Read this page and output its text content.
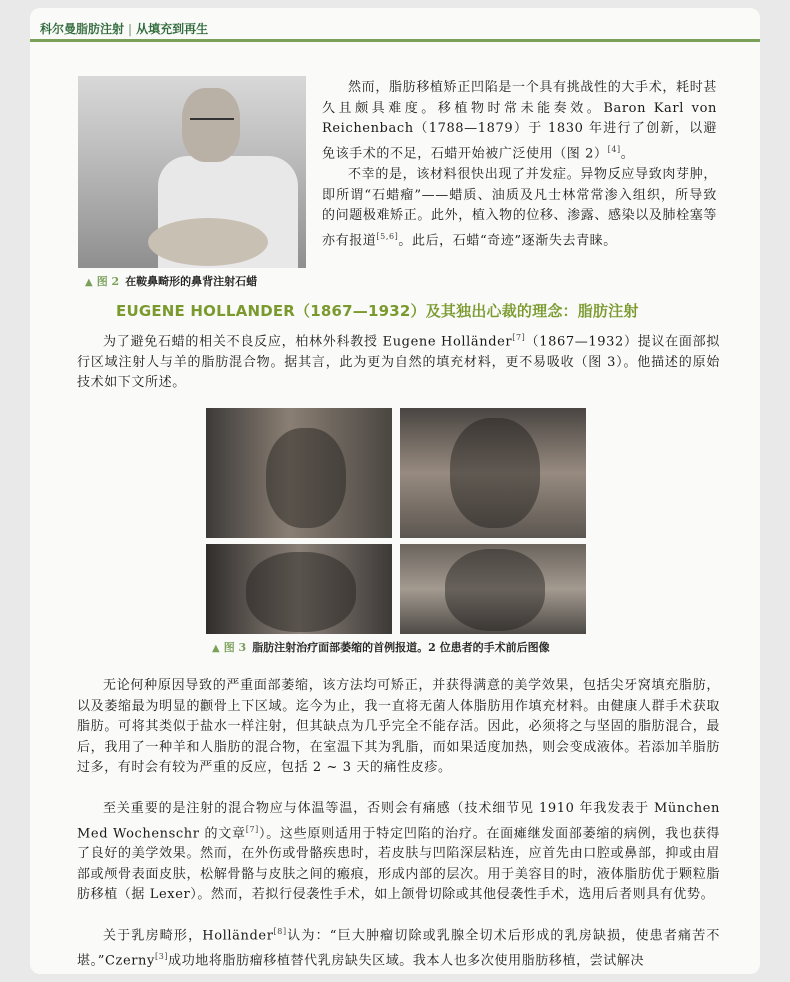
科尔曼脂肪注射 | 从填充到再生
▲ 图 2 在鞍鼻畸形的鼻背注射石蜡

然而，脂肪移植矫正凹陷是一个具有挑战性的大手术，耗时甚久且颇具难度。移植物时常未能奏效。Baron Karl von Reichenbach（1788—1879）于 1830 年进行了创新，以避免该手术的不足，石蜡开始被广泛使用（图 2）[4]。

不幸的是，该材料很快出现了并发症。异物反应导致肉芽肿，即所谓“石蜡瘤”——蜡质、油质及凡士林常常渗入组织，所导致的问题极难矫正。此外，植入物的位移、渗露、感染以及肺栓塞等亦有报道[5,6]。此后，石蜡“奇迹”逐渐失去青睐。

EUGENE HOLLANDER（1867—1932）及其独出心裁的理念：脂肪注射

为了避免石蜡的相关不良反应，柏林外科教授 Eugene Holländer[7]（1867—1932）提议在面部拟行区域注射人与羊的脂肪混合物。据其言，此为更为自然的填充材料，更不易吸收（图 3）。他描述的原始技术如下文所述。

▲ 图 3 脂肪注射治疗面部萎缩的首例报道。2 位患者的手术前后图像

无论何种原因导致的严重面部萎缩，该方法均可矫正，并获得满意的美学效果，包括尖牙窝填充脂肪，以及萎缩最为明显的颧骨上下区域。迄今为止，我一直将无菌人体脂肪用作填充材料。由健康人群手术获取脂肪。可将其类似于盐水一样注射，但其缺点为几乎完全不能存活。因此，必须将之与坚固的脂肪混合，最后，我用了一种羊和人脂肪的混合物，在室温下其为乳脂，而如果适度加热，则会变成液体。若添加羊脂肪过多，有时会有较为严重的反应，包括 2 ~ 3 天的痛性皮疹。

至关重要的是注射的混合物应与体温等温，否则会有痛感（技术细节见 1910 年我发表于 München Med Wochenschr 的文章[7]）。这些原则适用于特定凹陷的治疗。在面瘫继发面部萎缩的病例，我也获得了良好的美学效果。然而，在外伤或骨骼疾患时，若皮肤与凹陷深层粘连，应首先由口腔或鼻部，抑或由眉部或颅骨表面皮肤，松解骨骼与皮肤之间的瘢痕，形成内部的层次。用于美容目的时，液体脂肪优于颗粒脂肪移植（据 Lexer）。然而，若拟行侵袭性手术，如上颌骨切除或其他侵袭性手术，选用后者则具有优势。

关于乳房畸形，Holländer[8]认为：“巨大肿瘤切除或乳腺全切术后形成的乳房缺损，使患者痛苦不堪。”Czerny[3]成功地将脂肪瘤移植替代乳房缺失区域。我本人也多次使用脂肪移植，尝试解决
